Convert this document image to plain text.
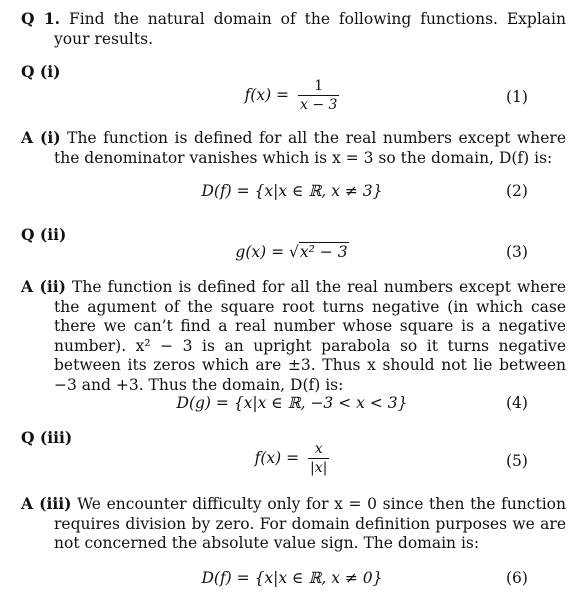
Q 1. Find the natural domain of the following functions. Explain your results.
Q (i)
$f(x) = \frac{1}{x - 3}$	(1)
A (i) The function is defined for all the real numbers except where the denominator vanishes which is x = 3 so the domain, D(f) is:
D(f) = {x|x ∈ ℝ, x ≠ 3}	(2)
Q (ii)
g(x) = √x² − 3	(3)
A (ii) The function is defined for all the real numbers except where the agument of the square root turns negative (in which case there we can’t find a real number whose square is a negative number). x² − 3 is an upright parabola so it turns negative between its zeros which are ±3. Thus x should not lie between −3 and +3. Thus the domain, D(f) is:
D(g) = {x|x ∈ ℝ, −3 < x < 3}	(4)
Q (iii)
$f(x) = \frac{x}{|x|}$	(5)
A (iii) We encounter difficulty only for x = 0 since then the function requires division by zero. For domain definition purposes we are not concerned the absolute value sign. The domain is:
D(f) = {x|x ∈ ℝ, x ≠ 0}	(6)
